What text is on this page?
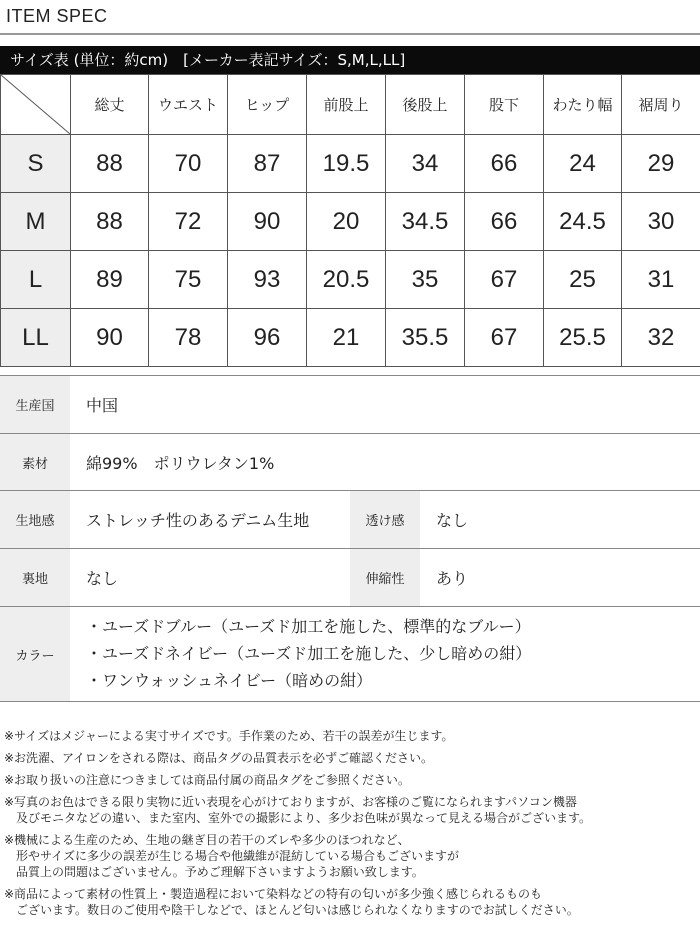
ITEM SPEC
サイズ表 (単位：約cm)　[メーカー表記サイズ：S,M,L,LL]
	総丈	ウエスト	ヒップ	前股上	後股上	股下	わたり幅	裾周り
S	88	70	87	19.5	34	66	24	29
M	88	72	90	20	34.5	66	24.5	30
L	89	75	93	20.5	35	67	25	31
LL	90	78	96	21	35.5	67	25.5	32
生産国	中国
素材	綿99%　ポリウレタン1%
生地感	ストレッチ性のあるデニム生地	透け感	なし
裏地	なし	伸縮性	あり
カラー
・ユーズドブルー（ユーズド加工を施した、標準的なブルー）
・ユーズドネイビー（ユーズド加工を施した、少し暗めの紺）
・ワンウォッシュネイビー（暗めの紺）

※サイズはメジャーによる実寸サイズです。手作業のため、若干の誤差が生じます。

※お洗濯、アイロンをされる際は、商品タグの品質表示を必ずご確認ください。

※お取り扱いの注意につきましては商品付属の商品タグをご参照ください。

※写真のお色はできる限り実物に近い表現を心がけておりますが、お客様のご覧になられますパソコン機器

　及びモニタなどの違い、また室内、室外での撮影により、多少お色味が異なって見える場合がございます。

※機械による生産のため、生地の継ぎ目の若干のズレや多少のほつれなど、

　形やサイズに多少の誤差が生じる場合や他繊維が混紡している場合もございますが

　品質上の問題はございません。予めご理解下さいますようお願い致します。

※商品によって素材の性質上・製造過程において染料などの特有の匂いが多少強く感じられるものも

　ございます。数日のご使用や陰干しなどで、ほとんど匂いは感じられなくなりますのでお試しください。
